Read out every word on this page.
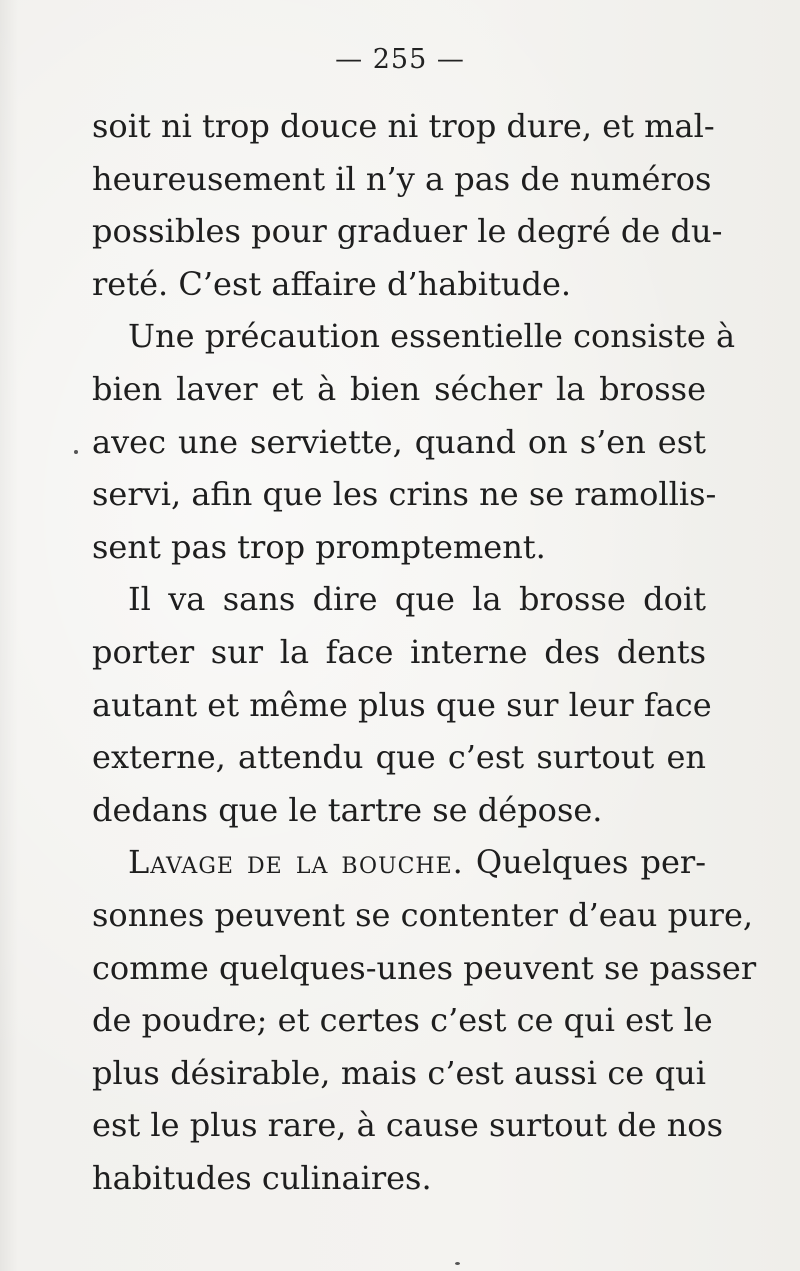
— 255 —
soit ni trop douce ni trop dure, et mal-
heureusement il n’y a pas de numéros
possibles pour graduer le degré de du-
reté. C’est affaire d’habitude.
Une précaution essentielle consiste à
bien laver et à bien sécher la brosse
avec une serviette, quand on s’en est
servi, afin que les crins ne se ramollis-
sent pas trop promptement.
Il va sans dire que la brosse doit
porter sur la face interne des dents
autant et même plus que sur leur face
externe, attendu que c’est surtout en
dedans que le tartre se dépose.
Lavage de la bouche. Quelques per-
sonnes peuvent se contenter d’eau pure,
comme quelques-unes peuvent se passer
de poudre; et certes c’est ce qui est le
plus désirable, mais c’est aussi ce qui
est le plus rare, à cause surtout de nos
habitudes culinaires.
